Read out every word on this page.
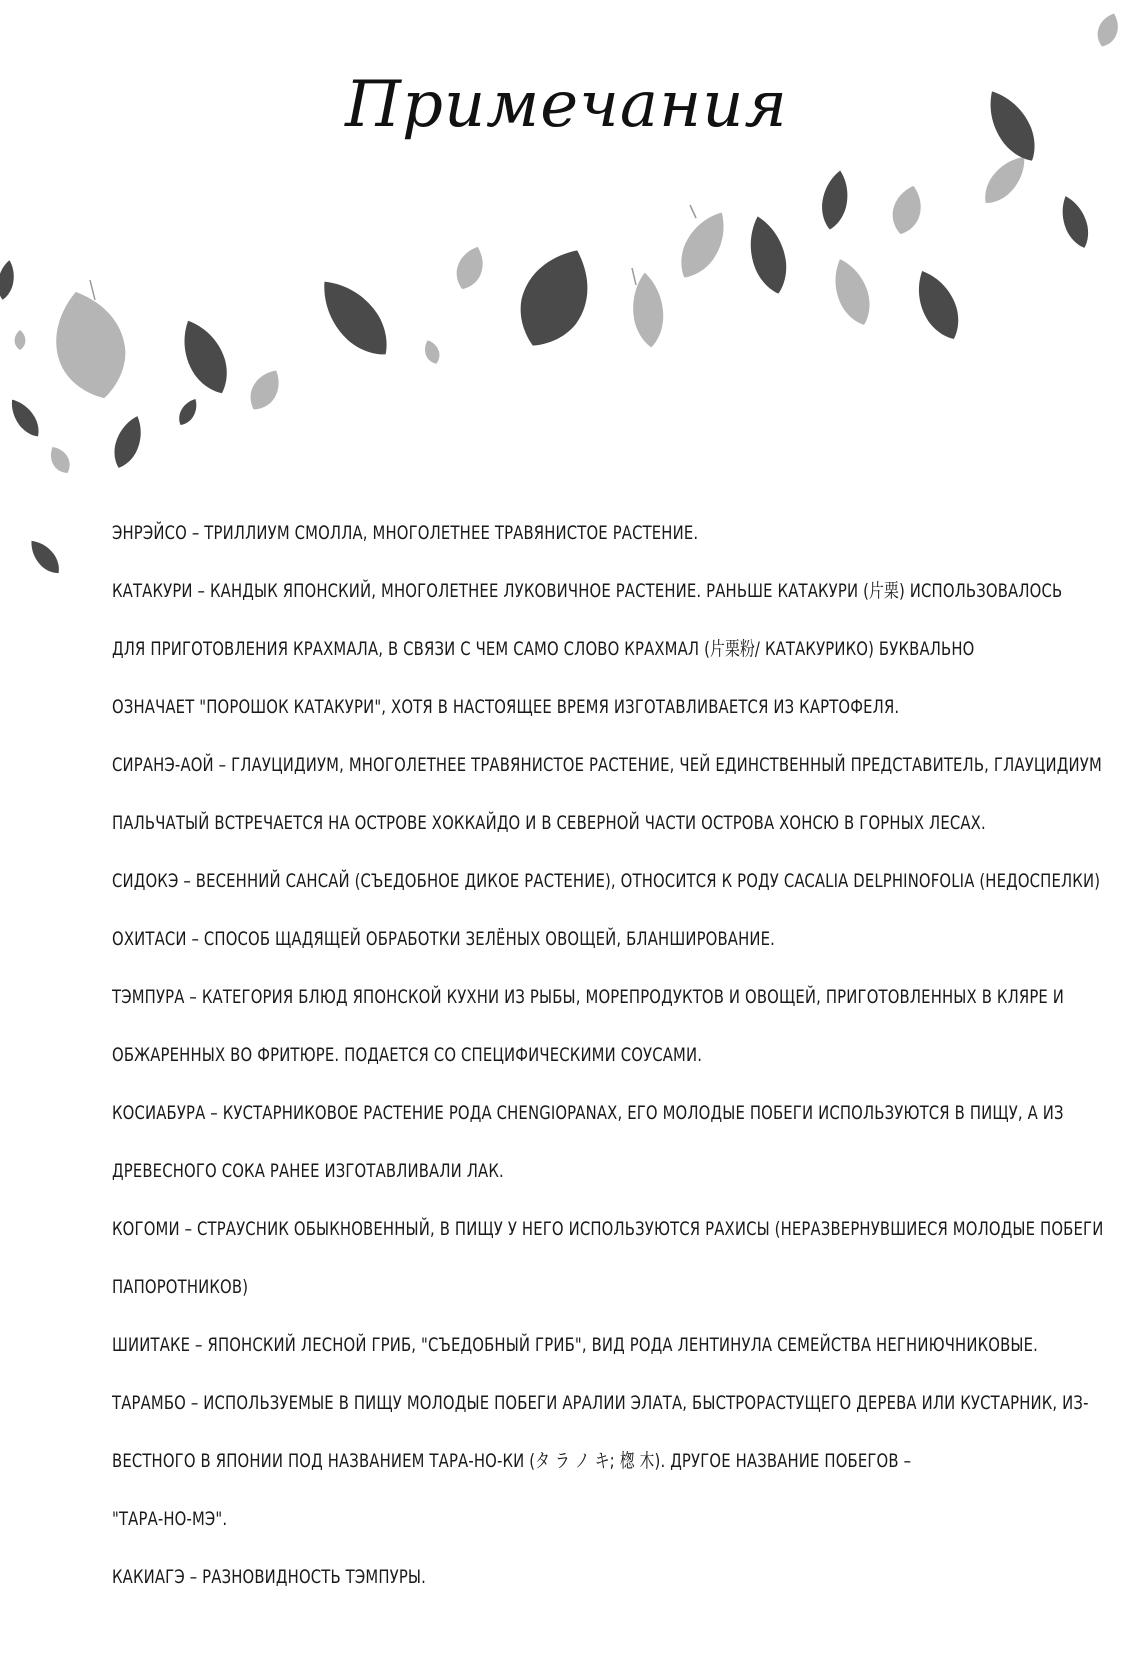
Примечания
ЭНРЭЙСО – ТРИЛЛИУМ СМОЛЛА, МНОГОЛЕТНЕЕ ТРАВЯНИСТОЕ РАСТЕНИЕ.
КАТАКУРИ – КАНДЫК ЯПОНСКИЙ, МНОГОЛЕТНЕЕ ЛУКОВИЧНОЕ РАСТЕНИЕ. РАНЬШЕ КАТАКУРИ (片栗) ИСПОЛЬЗОВАЛОСЬ
ДЛЯ ПРИГОТОВЛЕНИЯ КРАХМАЛА, В СВЯЗИ С ЧЕМ САМО СЛОВО КРАХМАЛ (片栗粉/ КАТАКУРИКО) БУКВАЛЬНО
ОЗНАЧАЕТ "ПОРОШОК КАТАКУРИ", ХОТЯ В НАСТОЯЩЕЕ ВРЕМЯ ИЗГОТАВЛИВАЕТСЯ ИЗ КАРТОФЕЛЯ.
СИРАНЭ-АОЙ – ГЛАУЦИДИУМ, МНОГОЛЕТНЕЕ ТРАВЯНИСТОЕ РАСТЕНИЕ, ЧЕЙ ЕДИНСТВЕННЫЙ ПРЕДСТАВИТЕЛЬ, ГЛАУЦИДИУМ
ПАЛЬЧАТЫЙ ВСТРЕЧАЕТСЯ НА ОСТРОВЕ ХОККАЙДО И В СЕВЕРНОЙ ЧАСТИ ОСТРОВА ХОНСЮ В ГОРНЫХ ЛЕСАХ.
СИДОКЭ – ВЕСЕННИЙ САНСАЙ (СЪЕДОБНОЕ ДИКОЕ РАСТЕНИЕ), ОТНОСИТСЯ К РОДУ CACALIA DELPHINOFOLIA (НЕДОСПЕЛКИ)
ОХИТАСИ – СПОСОБ ЩАДЯЩЕЙ ОБРАБОТКИ ЗЕЛЁНЫХ ОВОЩЕЙ, БЛАНШИРОВАНИЕ.
ТЭМПУРА – КАТЕГОРИЯ БЛЮД ЯПОНСКОЙ КУХНИ ИЗ РЫБЫ, МОРЕПРОДУКТОВ И ОВОЩЕЙ, ПРИГОТОВЛЕННЫХ В КЛЯРЕ И
ОБЖАРЕННЫХ ВО ФРИТЮРЕ. ПОДАЕТСЯ СО СПЕЦИФИЧЕСКИМИ СОУСАМИ.
КОСИАБУРА – КУСТАРНИКОВОЕ РАСТЕНИЕ РОДА CHENGIOPANAX, ЕГО МОЛОДЫЕ ПОБЕГИ ИСПОЛЬЗУЮТСЯ В ПИЩУ, А ИЗ
ДРЕВЕСНОГО СОКА РАНЕЕ ИЗГОТАВЛИВАЛИ ЛАК.
КОГОМИ – СТРАУСНИК ОБЫКНОВЕННЫЙ, В ПИЩУ У НЕГО ИСПОЛЬЗУЮТСЯ РАХИСЫ (НЕРАЗВЕРНУВШИЕСЯ МОЛОДЫЕ ПОБЕГИ
ПАПОРОТНИКОВ)
ШИИТАКЕ – ЯПОНСКИЙ ЛЕСНОЙ ГРИБ, "СЪЕДОБНЫЙ ГРИБ", ВИД РОДА ЛЕНТИНУЛА СЕМЕЙСТВА НЕГНИЮЧНИКОВЫЕ.
ТАРАМБО – ИСПОЛЬЗУЕМЫЕ В ПИЩУ МОЛОДЫЕ ПОБЕГИ АРАЛИИ ЭЛАТА, БЫСТРОРАСТУЩЕГО ДЕРЕВА ИЛИ КУСТАРНИК, ИЗ-
ВЕСТНОГО В ЯПОНИИ ПОД НАЗВАНИЕМ ТАРА-НО-КИ (タ ラ ノ キ; 楤 木). ДРУГОЕ НАЗВАНИЕ ПОБЕГОВ –
"ТАРА-НО-МЭ".
КАКИАГЭ – РАЗНОВИДНОСТЬ ТЭМПУРЫ.
